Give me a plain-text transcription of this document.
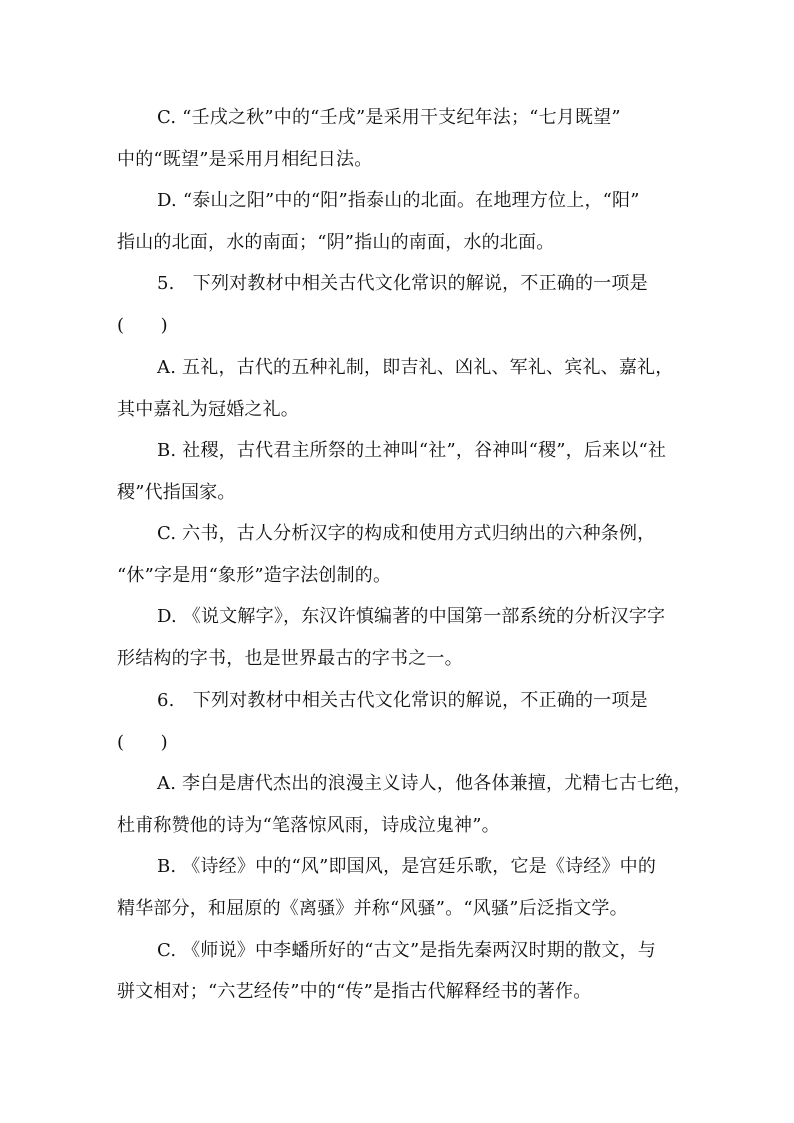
C. “壬戌之秋”中的“壬戌”是采用干支纪年法；“七月既望”
中的“既望”是采用月相纪日法。
D. “泰山之阳”中的“阳”指泰山的北面。在地理方位上，“阳”
指山的北面，水的南面；“阴”指山的南面，水的北面。
5.　下列对教材中相关古代文化常识的解说，不正确的一项是
(　　)
A. 五礼，古代的五种礼制，即吉礼、凶礼、军礼、宾礼、嘉礼，
其中嘉礼为冠婚之礼。
B. 社稷，古代君主所祭的土神叫“社”，谷神叫“稷”，后来以“社
稷”代指国家。
C. 六书，古人分析汉字的构成和使用方式归纳出的六种条例，
“休”字是用“象形”造字法创制的。
D. 《说文解字》，东汉许慎编著的中国第一部系统的分析汉字字
形结构的字书，也是世界最古的字书之一。
6.　下列对教材中相关古代文化常识的解说，不正确的一项是
(　　)
A. 李白是唐代杰出的浪漫主义诗人，他各体兼擅，尤精七古七绝，
杜甫称赞他的诗为“笔落惊风雨，诗成泣鬼神”。
B. 《诗经》中的“风”即国风，是宫廷乐歌，它是《诗经》中的
精华部分，和屈原的《离骚》并称“风骚”。“风骚”后泛指文学。
C. 《师说》中李蟠所好的“古文”是指先秦两汉时期的散文，与
骈文相对；“六艺经传”中的“传”是指古代解释经书的著作。
